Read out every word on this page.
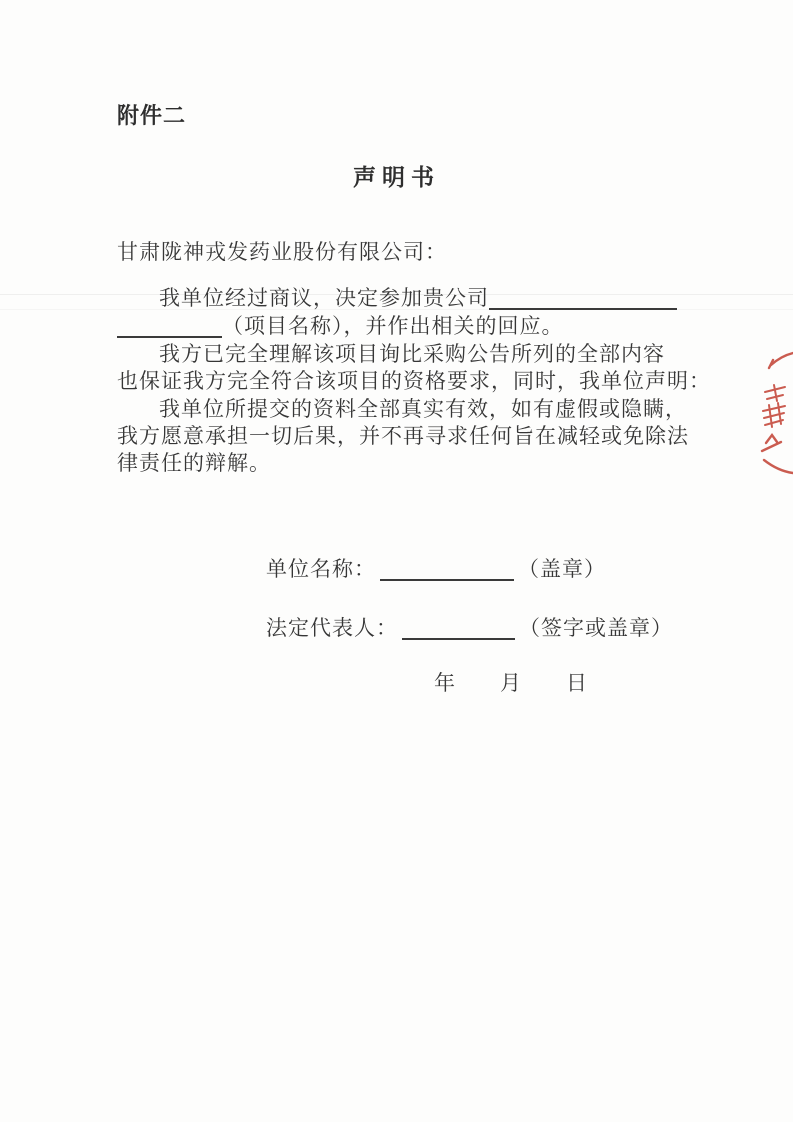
附件二
声明书
甘肃陇神戎发药业股份有限公司：
我单位经过商议，决定参加贵公司
（项目名称），并作出相关的回应。
我方已完全理解该项目询比采购公告所列的全部内容
也保证我方完全符合该项目的资格要求，同时，我单位声明：
我单位所提交的资料全部真实有效，如有虚假或隐瞒，
我方愿意承担一切后果，并不再寻求任何旨在减轻或免除法
律责任的辩解。
单位名称：	（盖章）
法定代表人：	（签字或盖章）
年　　月　　日
